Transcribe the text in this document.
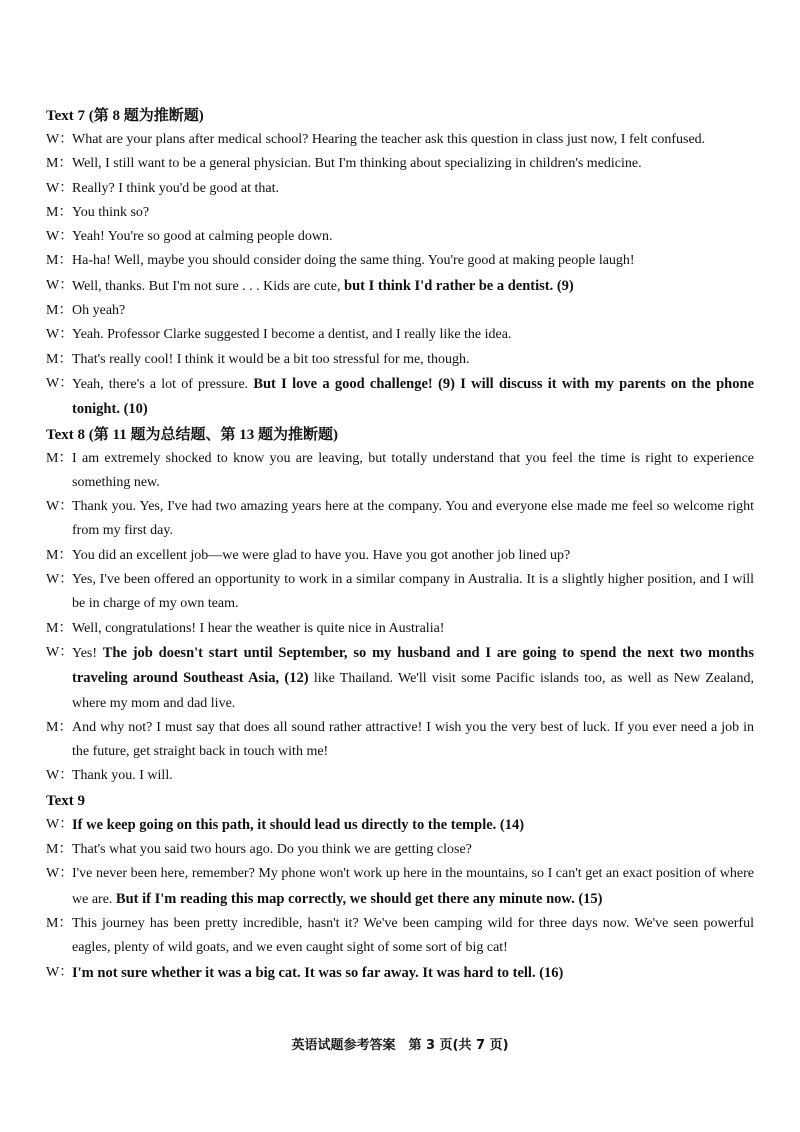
Text 7 (第 8 题为推断题)
W：
What are your plans after medical school? Hearing the teacher ask this question in class just now, I felt confused.
M： Well, I still want to be a general physician. But I'm thinking about specializing in children's medicine.
W：
Really? I think you'd be good at that.
M： You think so?
W：
Yeah! You're so good at calming people down.
M： Ha-ha! Well, maybe you should consider doing the same thing. You're good at making people laugh!
W：
Well, thanks. But I'm not sure . . . Kids are cute, but I think I'd rather be a dentist. (9)
M： Oh yeah?
W：
Yeah. Professor Clarke suggested I become a dentist, and I really like the idea.
M： That's really cool! I think it would be a bit too stressful for me, though.
W：
Yeah, there's a lot of pressure. But I love a good challenge! (9) I will discuss it with my parents on the phone tonight. (10)
Text 8 (第 11 题为总结题、第 13 题为推断题)
M： I am extremely shocked to know you are leaving, but totally understand that you feel the time is right to experience something new.
W：
Thank you. Yes, I've had two amazing years here at the company. You and everyone else made me feel so welcome right from my first day.
M： You did an excellent job—we were glad to have you. Have you got another job lined up?
W：
Yes, I've been offered an opportunity to work in a similar company in Australia. It is a slightly higher position, and I will be in charge of my own team.
M： Well, congratulations! I hear the weather is quite nice in Australia!
W：
Yes! The job doesn't start until September, so my husband and I are going to spend the next two months traveling around Southeast Asia, (12) like Thailand. We'll visit some Pacific islands too, as well as New Zealand, where my mom and dad live.
M： And why not? I must say that does all sound rather attractive! I wish you the very best of luck. If you ever need a job in the future, get straight back in touch with me!
W：
Thank you. I will.
Text 9
W：
If we keep going on this path, it should lead us directly to the temple. (14)
M： That's what you said two hours ago. Do you think we are getting close?
W：
I've never been here, remember? My phone won't work up here in the mountains, so I can't get an exact position of where we are. But if I'm reading this map correctly, we should get there any minute now. (15)
M： This journey has been pretty incredible, hasn't it? We've been camping wild for three days now. We've seen powerful eagles, plenty of wild goats, and we even caught sight of some sort of big cat!
W：
I'm not sure whether it was a big cat. It was so far away. It was hard to tell. (16)
英语试题参考答案　第 3 页(共 7 页)
